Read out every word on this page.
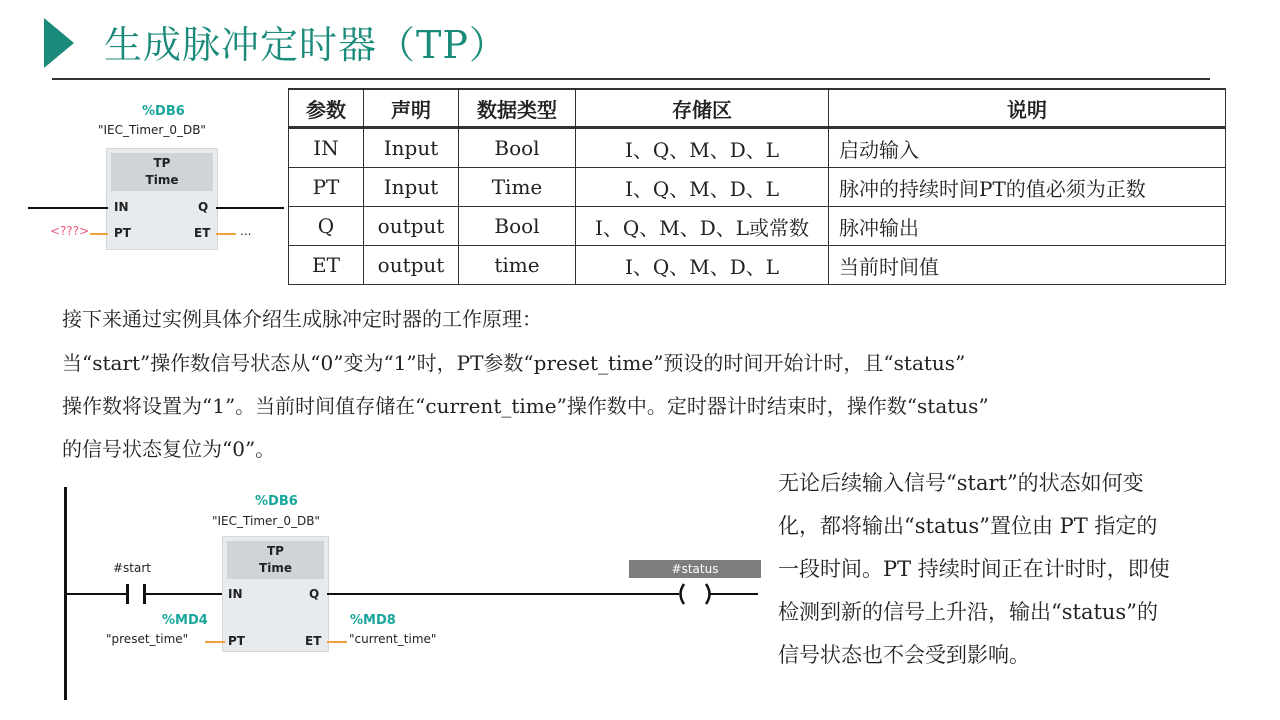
生成脉冲定时器（TP）
%DB6
"IEC_Timer_0_DB"
TP
Time
IN
PT
Q
ET
<???>	...
参数	声明	数据类型	存储区	说明
IN	Input	Bool	I、Q、M、D、L	启动输入
PT	Input	Time	I、Q、M、D、L	脉冲的持续时间PT的值必须为正数
Q	output	Bool	I、Q、M、D、L或常数	脉冲输出
ET	output	time	I、Q、M、D、L	当前时间值
接下来通过实例具体介绍生成脉冲定时器的工作原理：
当“start”操作数信号状态从“0”变为“1”时，PT参数“preset_time”预设的时间开始计时，且“status”
操作数将设置为“1”。当前时间值存储在“current_time”操作数中。定时器计时结束时，操作数“status”
的信号状态复位为“0”。
#start
%DB6
"IEC_Timer_0_DB"
TP
Time
IN
PT
Q
ET
%MD4
"preset_time"
%MD8
"current_time"
#status

无论后续输入信号“start”的状态如何变

化，都将输出“status”置位由 PT 指定的

一段时间。PT 持续时间正在计时时，即使

检测到新的信号上升沿，输出“status”的

信号状态也不会受到影响。
